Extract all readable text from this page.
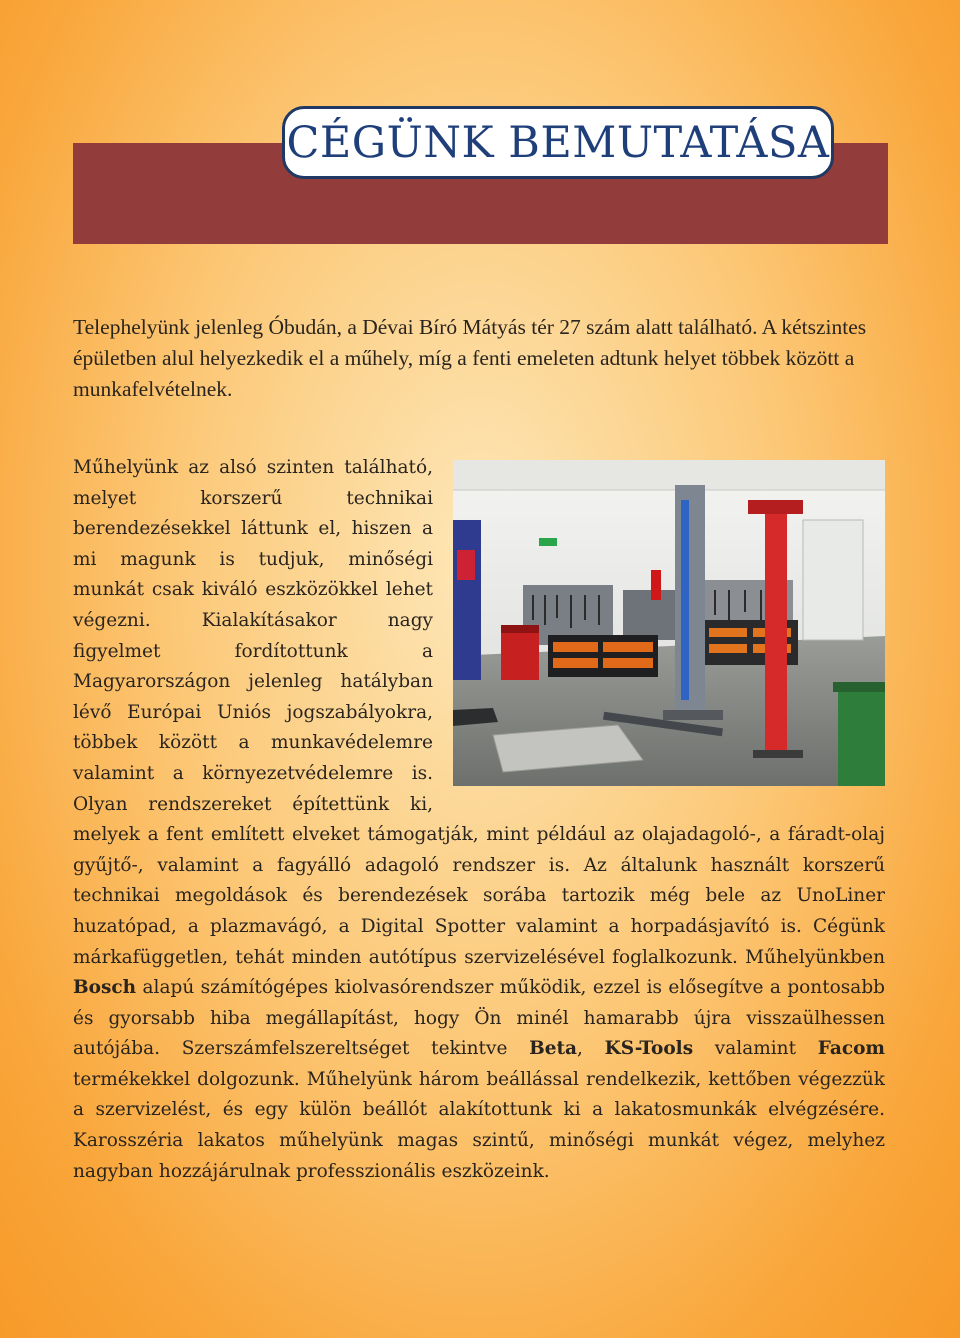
CÉGÜNK BEMUTATÁSA

Telephelyünk jelenleg Óbudán, a Dévai Bíró Mátyás tér 27 szám alatt található. A kétszintes épületben alul helyezkedik el a műhely, míg a fenti emeleten adtunk helyet többek között a munkafelvételnek.

Műhelyünk az alsó szinten található, melyet korszerű technikai berendezésekkel láttunk el, hiszen a mi magunk is tudjuk, minőségi munkát csak kiváló eszközökkel lehet végezni. Kialakításakor nagy figyelmet fordítottunk a Magyarországon jelenleg hatályban lévő Európai Uniós jogszabályokra, többek között a munkavédelemre valamint a környezetvédelemre is. Olyan rendszereket építettünk ki, melyek a fent említett elveket támogatják, mint például az olajadagoló-, a fáradt-olaj gyűjtő-, valamint a fagyálló adagoló rendszer is. Az általunk használt korszerű technikai megoldások és berendezések sorába tartozik még bele az UnoLiner huzatópad, a plazmavágó, a Digital Spotter valamint a horpadásjavító is. Cégünk márkafüggetlen, tehát minden autótípus szervizelésével foglalkozunk. Műhelyünkben Bosch alapú számítógépes kiolvasórendszer működik, ezzel is elősegítve a pontosabb és gyorsabb hiba megállapítást, hogy Ön minél hamarabb újra visszaülhessen autójába. Szerszámfelszereltséget tekintve Beta, KS-Tools valamint Facom termékekkel dolgozunk. Műhelyünk három beállással rendelkezik, kettőben végezzük a szervizelést, és egy külön beállót alakítottunk ki a lakatosmunkák elvégzésére. Karosszéria lakatos műhelyünk magas szintű, minőségi munkát végez, melyhez nagyban hozzájárulnak professzionális eszközeink.
